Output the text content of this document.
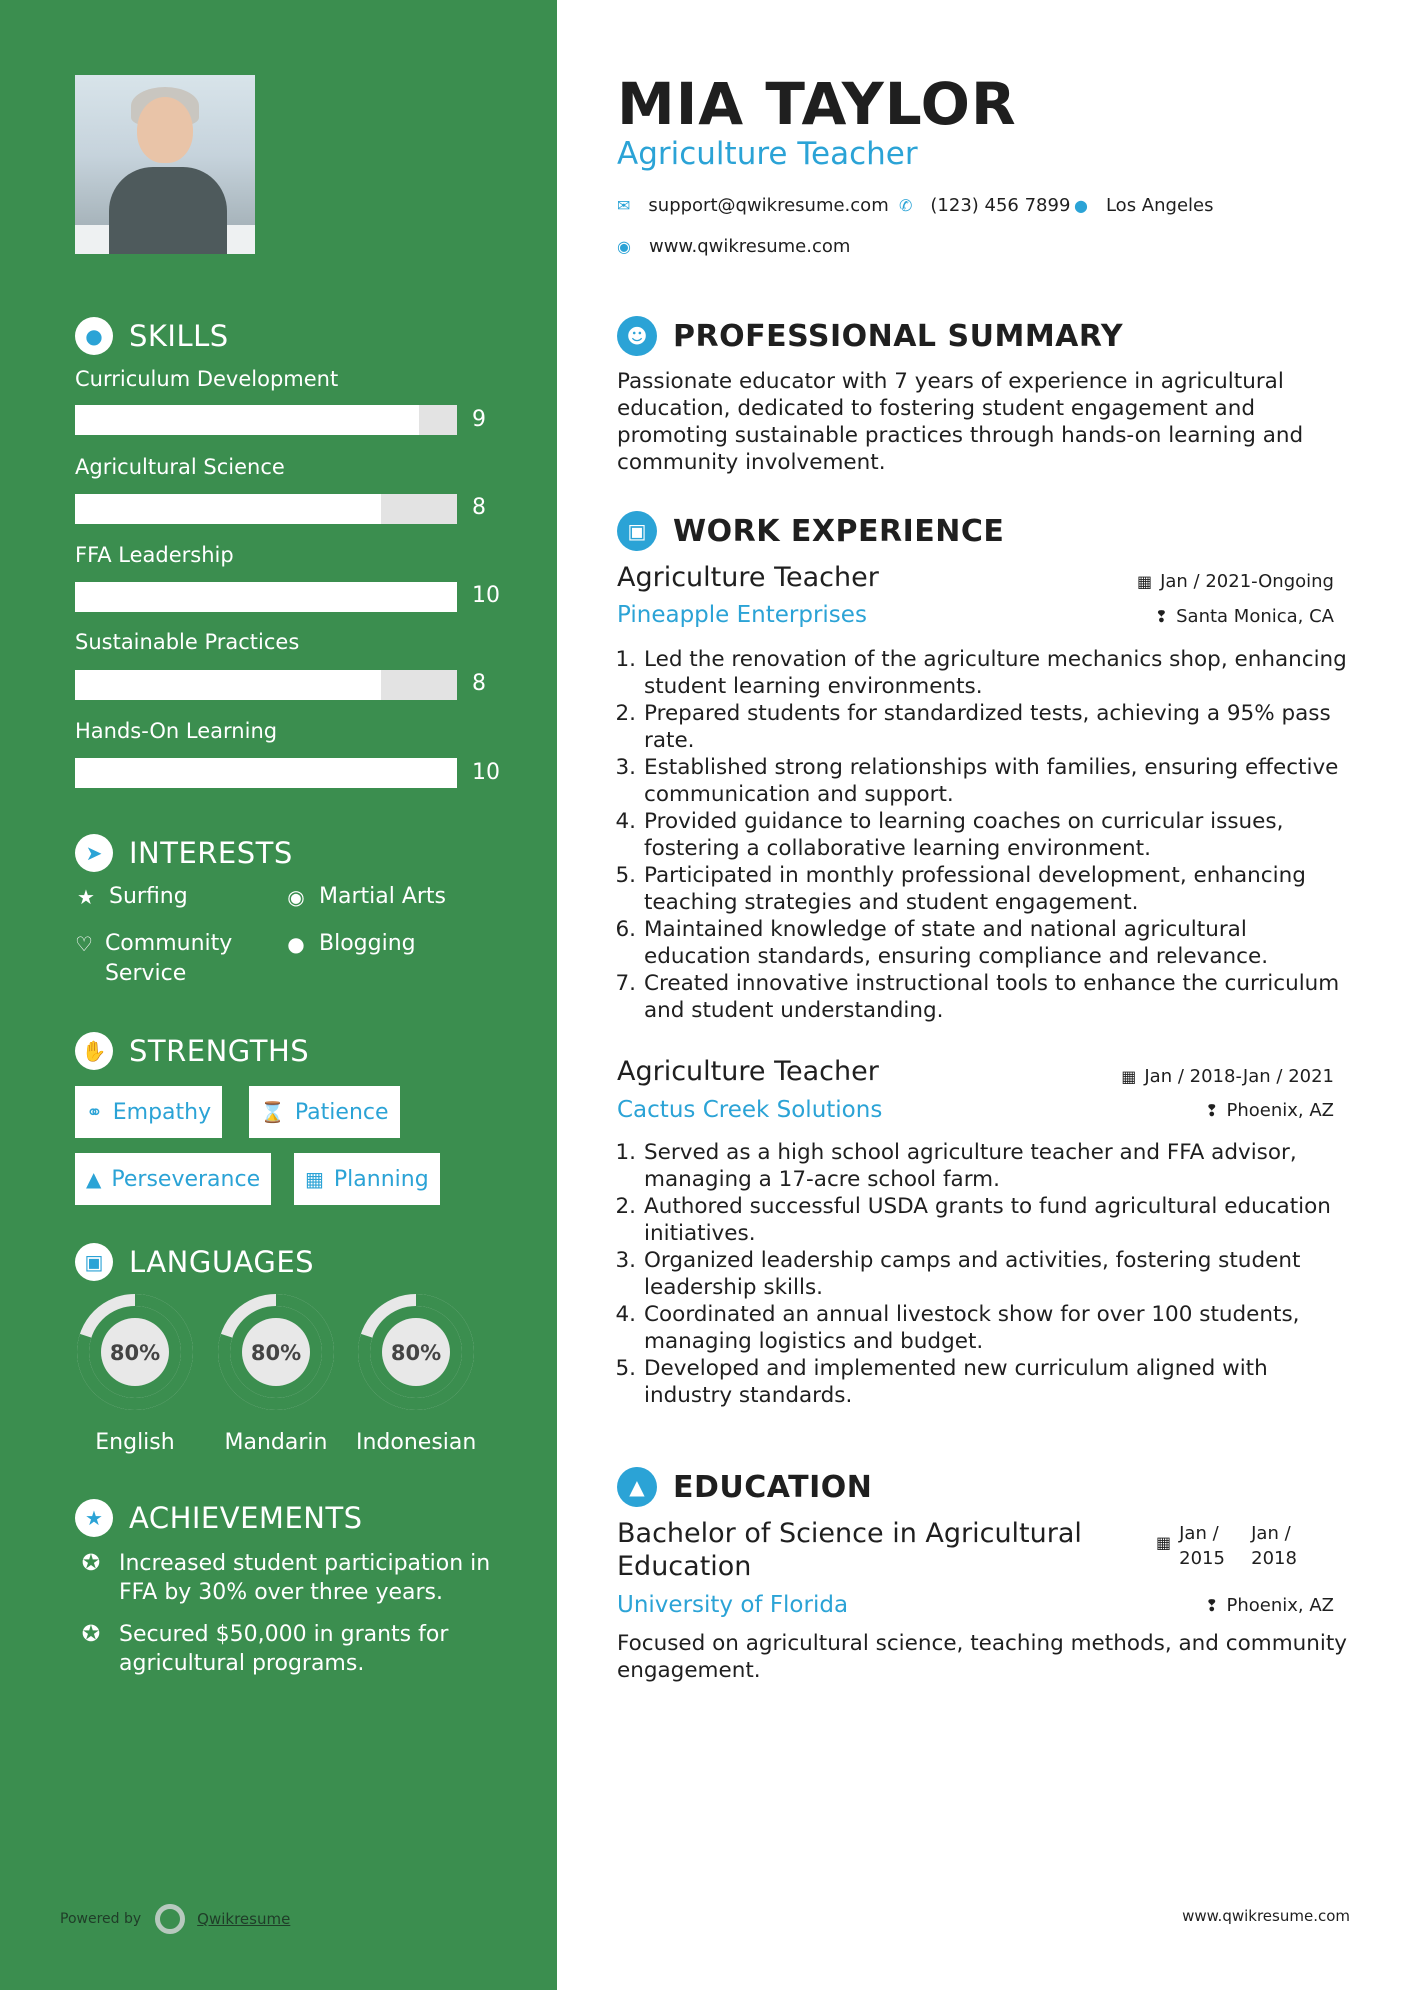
● SKILLS
Curriculum Development
9
Agricultural Science
8
FFA Leadership
10
Sustainable Practices
8
Hands-On Learning
10
➤ INTERESTS
★ Surfing	◉ Martial Arts
♡ Community Service
● Blogging
✋ STRENGTHS
⚭ Empathy ⌛ Patience
▲ Perseverance ▦ Planning
▣ LANGUAGES
80%
English
80%
Mandarin
80%
Indonesian
★ ACHIEVEMENTS
✪ Increased student participation in FFA by 30% over three years.
✪ Secured $50,000 in grants for agricultural programs.
Powered by	Qwikresume
MIA TAYLOR
Agriculture Teacher
✉ support@qwikresume.com ✆ (123) 456 7899 ● Los Angeles
◉ www.qwikresume.com
☻ PROFESSIONAL SUMMARY
Passionate educator with 7 years of experience in agricultural education, dedicated to fostering student engagement and promoting sustainable practices through hands-on learning and community involvement.
▣ WORK EXPERIENCE
Agriculture Teacher	▦ Jan / 2021-Ongoing
Pineapple Enterprises	❢ Santa Monica, CA
1. Led the renovation of the agriculture mechanics shop, enhancing student learning environments.
2. Prepared students for standardized tests, achieving a 95% pass rate.
3. Established strong relationships with families, ensuring effective communication and support.
4. Provided guidance to learning coaches on curricular issues, fostering a collaborative learning environment.
5. Participated in monthly professional development, enhancing teaching strategies and student engagement.
6. Maintained knowledge of state and national agricultural education standards, ensuring compliance and relevance.
7. Created innovative instructional tools to enhance the curriculum and student understanding.
Agriculture Teacher	▦ Jan / 2018-Jan / 2021
Cactus Creek Solutions	❢ Phoenix, AZ
1. Served as a high school agriculture teacher and FFA advisor, managing a 17-acre school farm.
2. Authored successful USDA grants to fund agricultural education initiatives.
3. Organized leadership camps and activities, fostering student leadership skills.
4. Coordinated an annual livestock show for over 100 students, managing logistics and budget.
5. Developed and implemented new curriculum aligned with industry standards.
▲ EDUCATION
Bachelor of Science in Agricultural
Education
▦ Jan /
2015
Jan /
2018
University of Florida	❢ Phoenix, AZ
Focused on agricultural science, teaching methods, and community engagement.
www.qwikresume.com
